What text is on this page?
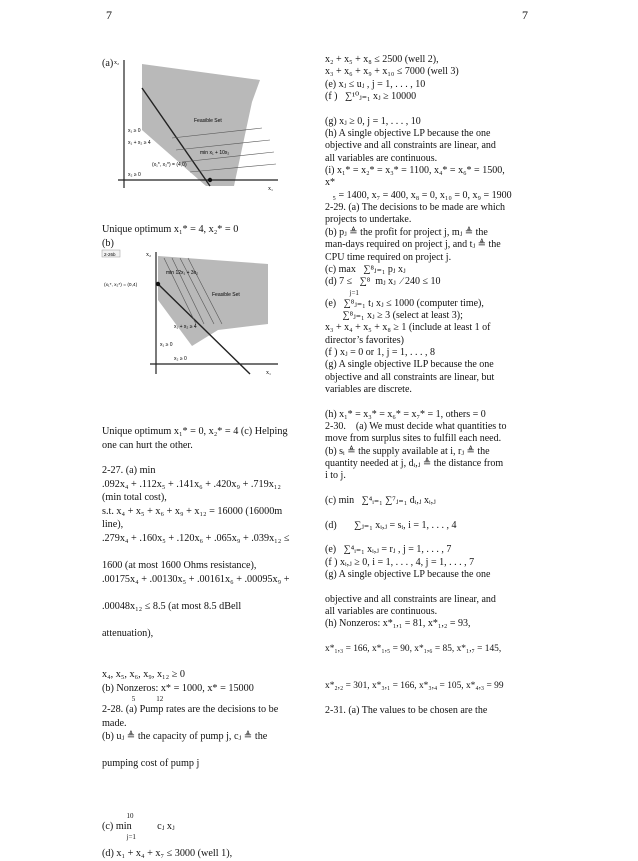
7	7
(a) x₂
x₁
Feasible Set
x₁ ≥ 0
x₁ + x₂ ≥ 4
x₂ ≥ 0
min x₁ + 10x₂
(x₁*, x₂*) = (4,0)
Unique optimum x₁* = 4, x₂* = 0
(b)
2-26b	x₂
x₁
Feasible Set
min 12x₁ + 3x₂
(x₁*, x₂*) = (0,4)
x₁ + x₂ ≥ 4
x₁ ≥ 0
x₂ ≥ 0
Unique optimum x₁* = 0, x₂* = 4 (c) Helping
one can hurt the other.
2-27. (a) min
.092x₄ + .112x₅ + .141x₆ + .420x₉ + .719x₁₂
(min total cost),
s.t. x₄ + x₅ + x₆ + x₉ + x₁₂ = 16000 (16000m
line),
.279x₄ + .160x₅ + .120x₆ + .065x₉ + .039x₁₂ ≤

1600 (at most 1600 Ohms resistance),
.00175x₄ + .00130x₅ + .00161x₆ + .00095x₉ +

.00048x₁₂ ≤ 8.5 (at most 8.5 dBell

attenuation),

x₄, x₅, x₆, x₉, x₁₂ ≥ 0
(b) Nonzeros: x* = 1000, x* = 15000
5            12
2-28. (a) Pump rates are the decisions to be
made.
(b) uⱼ ≜ the capacity of pump j, cⱼ ≜ the

pumping cost of pump j

10
(c) min          cⱼ xⱼ
j=1

(d) x₁ + x₄ + x₇ ≤ 3000 (well 1),
x₂ + x₅ + x₈ ≤ 2500 (well 2),
x₃ + x₆ + x₉ + x₁₀ ≤ 7000 (well 3)
(e) xⱼ ≤ uⱼ , j = 1, . . . , 10
(f )   ∑¹⁰ⱼ₌₁ xⱼ ≥ 10000

(g) xⱼ ≥ 0, j = 1, . . . , 10
(h) A single objective LP because the one
objective and all constraints are linear, and
all variables are continuous.
(i) x₁* = x₂* = x₃* = 1100, x₄* = x₆* = 1500,
x*
₅ = 1400, x₇ = 400, x₈ = 0, x₁₀ = 0, x₉ = 1900
2-29. (a) The decisions to be made are which
projects to undertake.
(b) pⱼ ≜ the profit for project j, mⱼ ≜ the
man-days required on project j, and tⱼ ≜ the
CPU time required on project j.
(c) max   ∑⁸ⱼ₌₁ pⱼ xⱼ
(d) 7 ≤   ∑⁸  mⱼ xⱼ  ∕ 240 ≤ 10
j=1
(e)   ∑⁸ⱼ₌₁ tⱼ xⱼ ≤ 1000 (computer time),
∑⁸ⱼ₌₁ xⱼ ≥ 3 (select at least 3);
x₃ + x₄ + x₅ + x₈ ≥ 1 (include at least 1 of
director’s favorites)
(f ) xⱼ = 0 or 1, j = 1, . . . , 8
(g) A single objective ILP because the one
objective and all constraints are linear, but
variables are discrete.

(h) x₁* = x₃* = x₆* = x₇* = 1, others = 0
2-30.    (a) We must decide what quantities to
move from surplus sites to fulfill each need.
(b) sᵢ ≜ the supply available at i, rⱼ ≜ the
quantity needed at j, dᵢ,ⱼ ≜ the distance from
i to j.

(c) min   ∑⁴ᵢ₌₁ ∑⁷ⱼ₌₁ dᵢ,ⱼ xᵢ,ⱼ

(d)       ∑ⱼ₌₁ xᵢ,ⱼ = sᵢ, i = 1, . . . , 4

(e)   ∑⁴ᵢ₌₁ xᵢ,ⱼ = rⱼ , j = 1, . . . , 7
(f ) xᵢ,ⱼ ≥ 0, i = 1, . . . , 4, j = 1, . . . , 7
(g) A single objective LP because the one

objective and all constraints are linear, and
all variables are continuous.
(h) Nonzeros: x*₁,₁ = 81, x*₁,₂ = 93,

x*₁,₃ = 166, x*₁,₅ = 90, x*₁,₆ = 85, x*₁,₇ = 145,

x*₂,₂ = 301, x*₃,₁ = 166, x*₃,₄ = 105, x*₄,₃ = 99

2-31. (a) The values to be chosen are the
